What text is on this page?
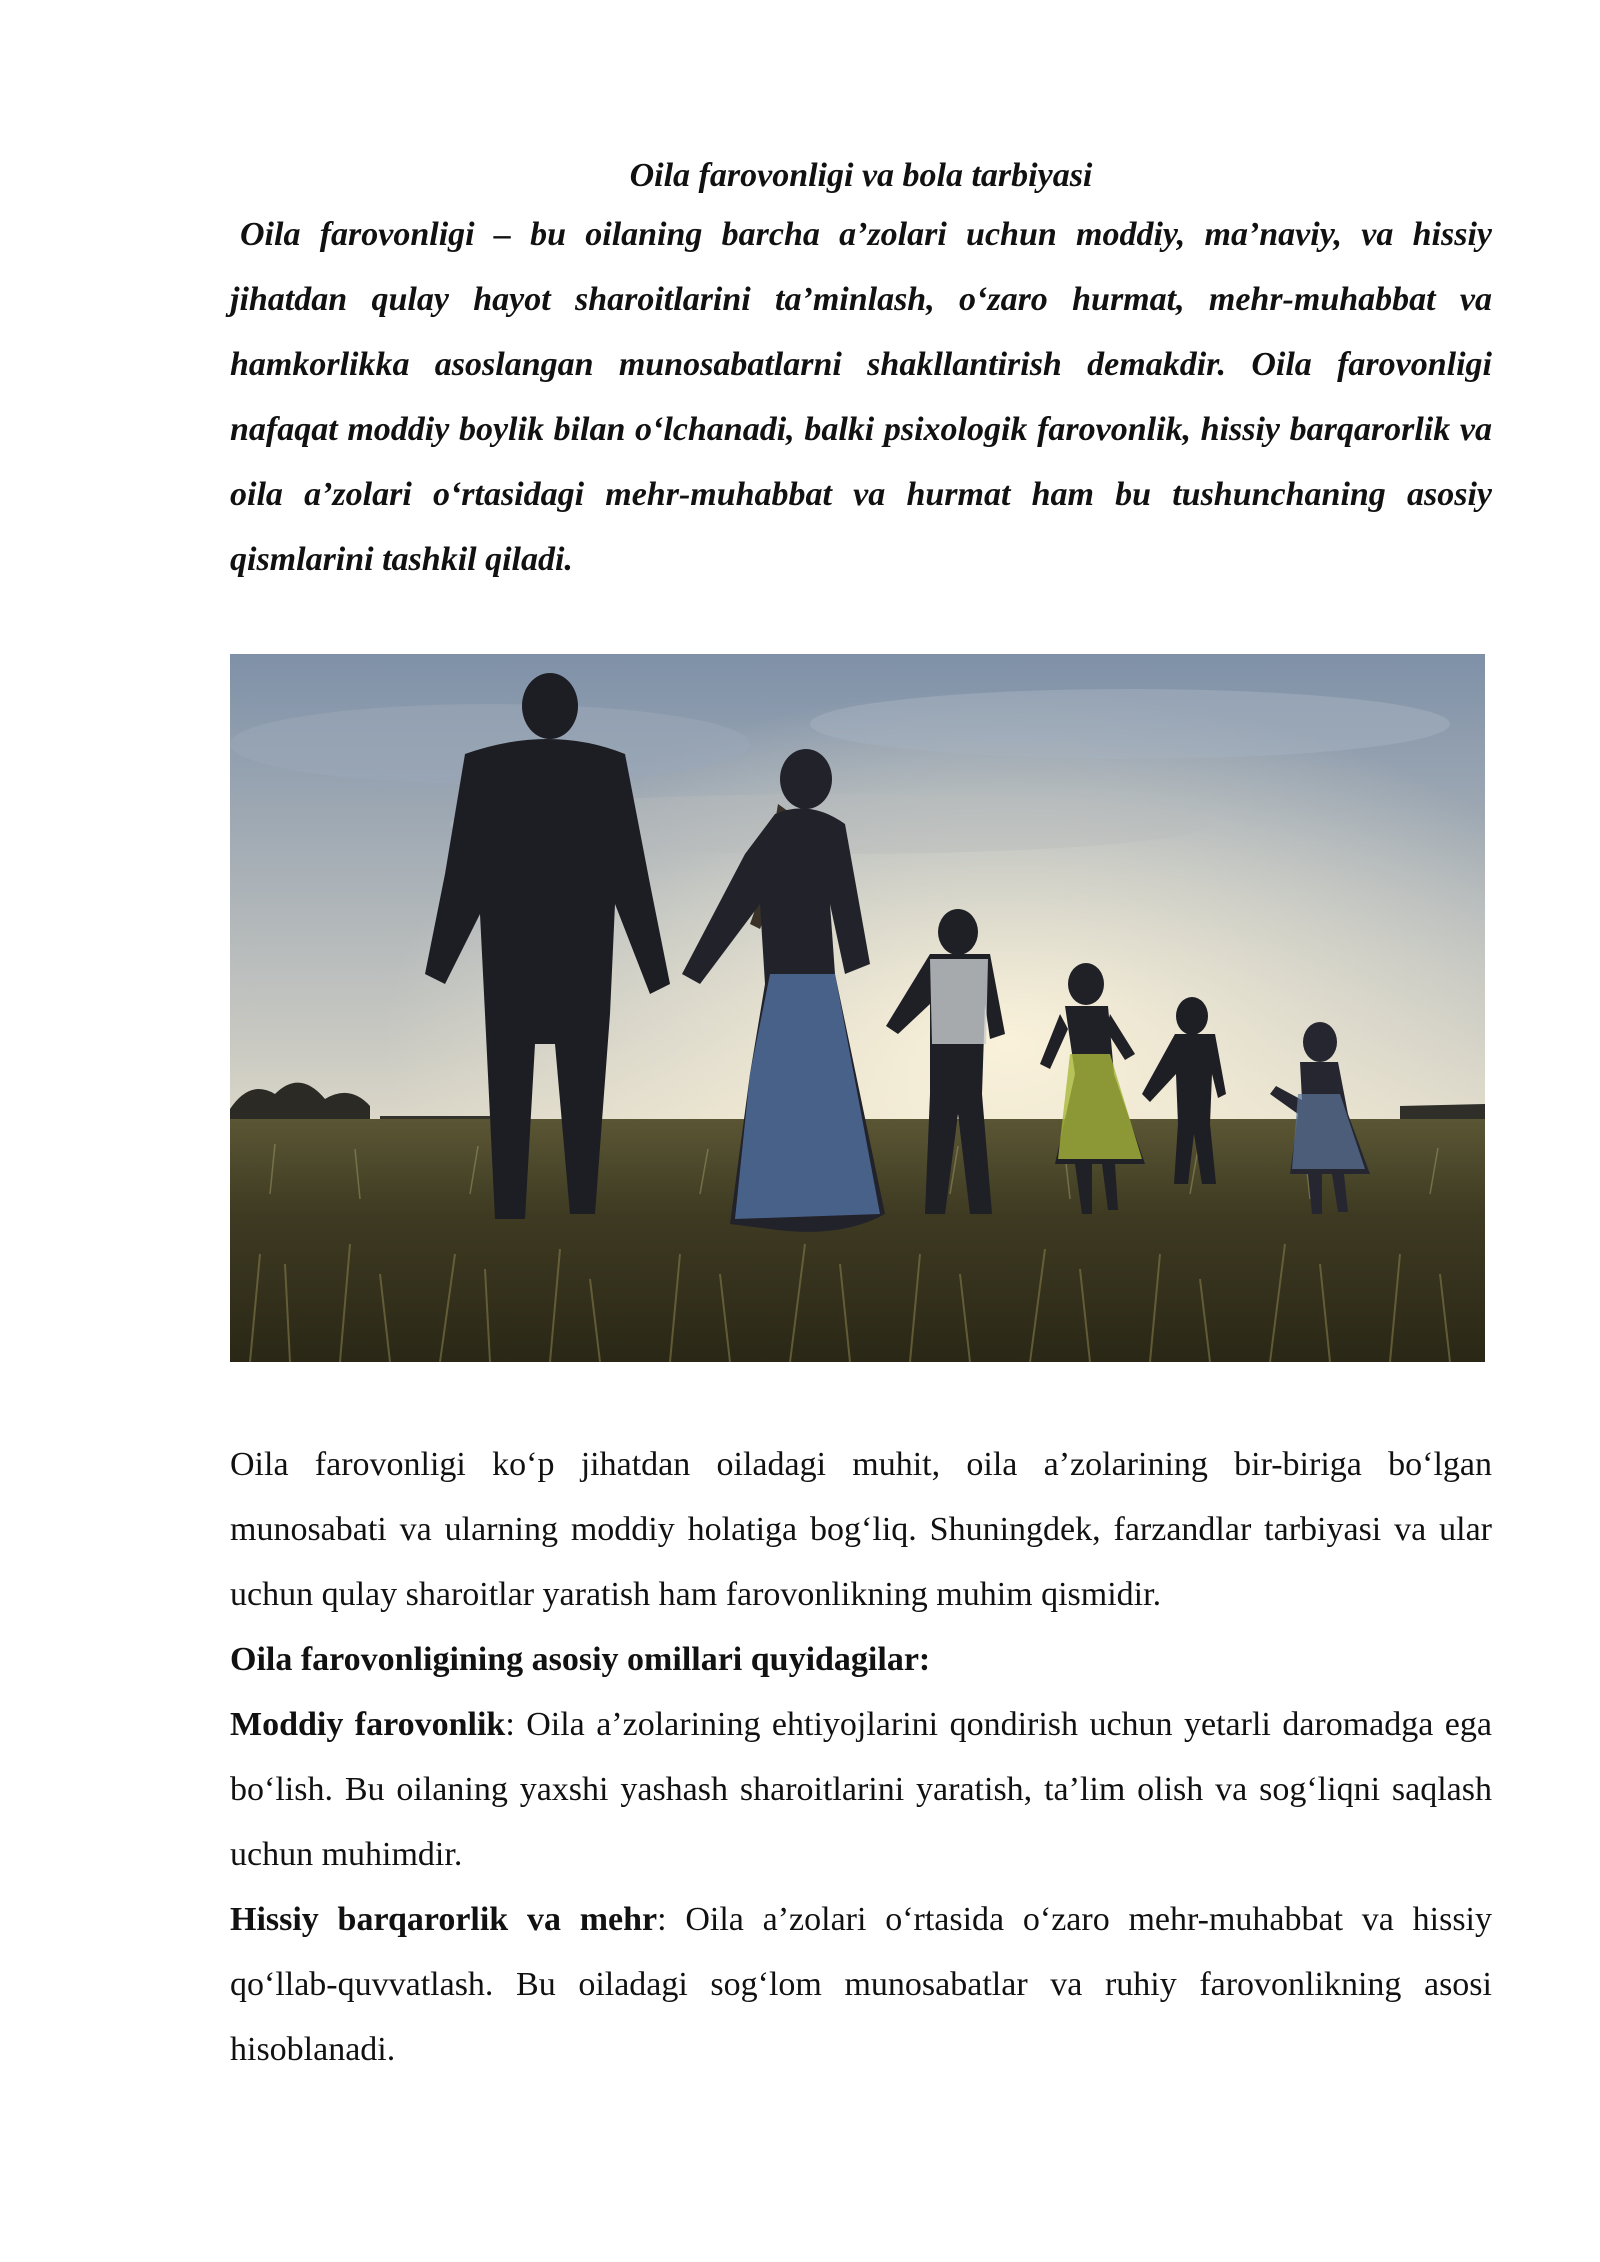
Oila farovonligi va bola tarbiyasi

Oila farovonligi – bu oilaning barcha a’zolari uchun moddiy, ma’naviy, va hissiy jihatdan qulay hayot sharoitlarini ta’minlash, o‘zaro hurmat, mehr-muhabbat va hamkorlikka asoslangan munosabatlarni shakllantirish demakdir. Oila farovonligi nafaqat moddiy boylik bilan o‘lchanadi, balki psixologik farovonlik, hissiy barqarorlik va oila a’zolari o‘rtasidagi mehr-muhabbat va hurmat ham bu tushunchaning asosiy qismlarini tashkil qiladi.

Oila farovonligi ko‘p jihatdan oiladagi muhit, oila a’zolarining bir-biriga bo‘lgan munosabati va ularning moddiy holatiga bog‘liq. Shuningdek, farzandlar tarbiyasi va ular uchun qulay sharoitlar yaratish ham farovonlikning muhim qismidir.

Oila farovonligining asosiy omillari quyidagilar:

Moddiy farovonlik: Oila a’zolarining ehtiyojlarini qondirish uchun yetarli daromadga ega bo‘lish. Bu oilaning yaxshi yashash sharoitlarini yaratish, ta’lim olish va sog‘liqni saqlash uchun muhimdir.

Hissiy barqarorlik va mehr: Oila a’zolari o‘rtasida o‘zaro mehr-muhabbat va hissiy qo‘llab-quvvatlash. Bu oiladagi sog‘lom munosabatlar va ruhiy farovonlikning asosi hisoblanadi.
